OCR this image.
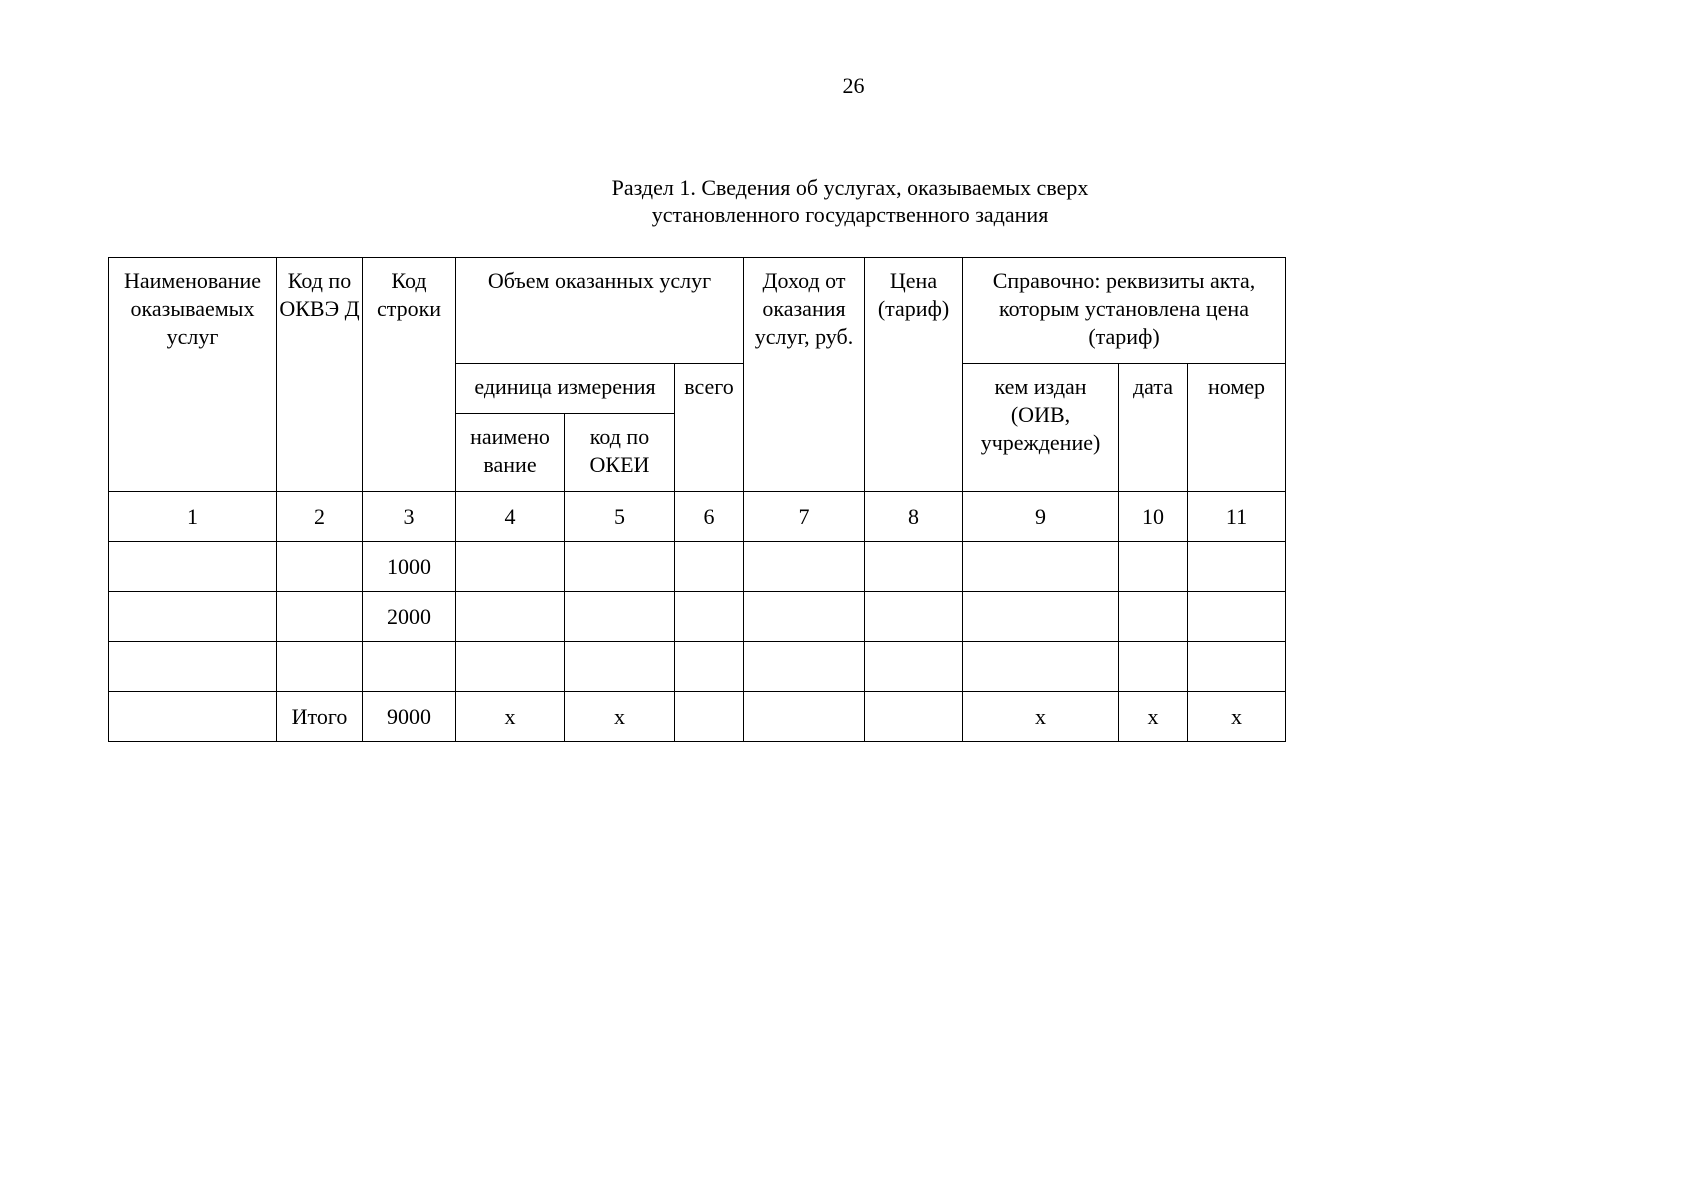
26
Раздел 1. Сведения об услугах, оказываемых сверх
установленного государственного задания
Наименование оказываемых услуг	Код по ОКВЭ Д	Код строки	Объем оказанных услуг			Доход от оказания услуг, руб.	Цена (тариф)	Справочно: реквизиты акта, которым установлена цена (тариф)		
			единица измерения		всего			кем издан (ОИВ, учреждение)	дата	номер
			наимено вание	код по ОКЕИ						
1	2	3	4	5	6	7	8	9	10	11
		1000								
		2000								

	Итого	9000	х	х				х	х	х
